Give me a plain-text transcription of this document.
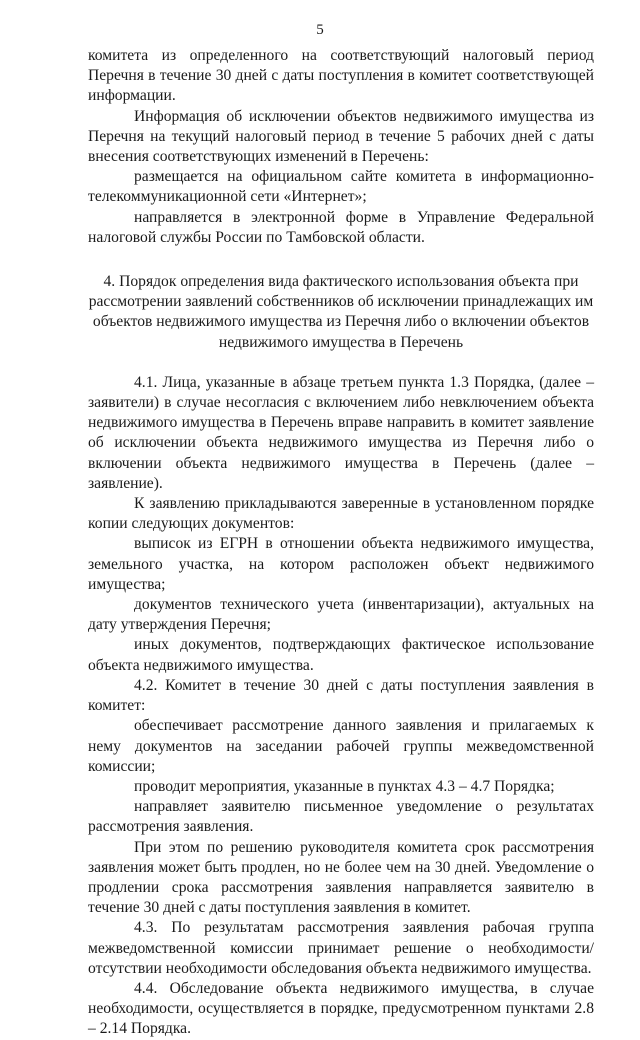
5

комитета из определенного на соответствующий налоговый период Перечня в течение 30 дней с даты поступления в комитет соответствующей информации.

Информация об исключении объектов недвижимого имущества из Перечня на текущий налоговый период в течение 5 рабочих дней с даты внесения соответствующих изменений в Перечень:

размещается на официальном сайте комитета в информационно-телекоммуникационной сети «Интернет»;

направляется в электронной форме в Управление Федеральной налоговой службы России по Тамбовской области.

4. Порядок определения вида фактического использования объекта при рассмотрении заявлений собственников об исключении принадлежащих им объектов недвижимого имущества из Перечня либо о включении объектов недвижимого имущества в Перечень

4.1. Лица, указанные в абзаце третьем пункта 1.3 Порядка, (далее – заявители) в случае несогласия с включением либо невключением объекта недвижимого имущества в Перечень вправе направить в комитет заявление об исключении объекта недвижимого имущества из Перечня либо о включении объекта недвижимого имущества в Перечень (далее – заявление).

К заявлению прикладываются заверенные в установленном порядке копии следующих документов:

выписок из ЕГРН в отношении объекта недвижимого имущества, земельного участка, на котором расположен объект недвижимого имущества;

документов технического учета (инвентаризации), актуальных на дату утверждения Перечня;

иных документов, подтверждающих фактическое использование объекта недвижимого имущества.

4.2. Комитет в течение 30 дней с даты поступления заявления в комитет:

обеспечивает рассмотрение данного заявления и прилагаемых к нему документов на заседании рабочей группы межведомственной комиссии;

проводит мероприятия, указанные в пунктах 4.3 – 4.7 Порядка;

направляет заявителю письменное уведомление о результатах рассмотрения заявления.

При этом по решению руководителя комитета срок рассмотрения заявления может быть продлен, но не более чем на 30 дней. Уведомление о продлении срока рассмотрения заявления направляется заявителю в течение 30 дней с даты поступления заявления в комитет.

4.3. По результатам рассмотрения заявления рабочая группа межведомственной комиссии принимает решение о необходимости/отсутствии необходимости обследования объекта недвижимого имущества.

4.4. Обследование объекта недвижимого имущества, в случае необходимости, осуществляется в порядке, предусмотренном пунктами 2.8 – 2.14 Порядка.
